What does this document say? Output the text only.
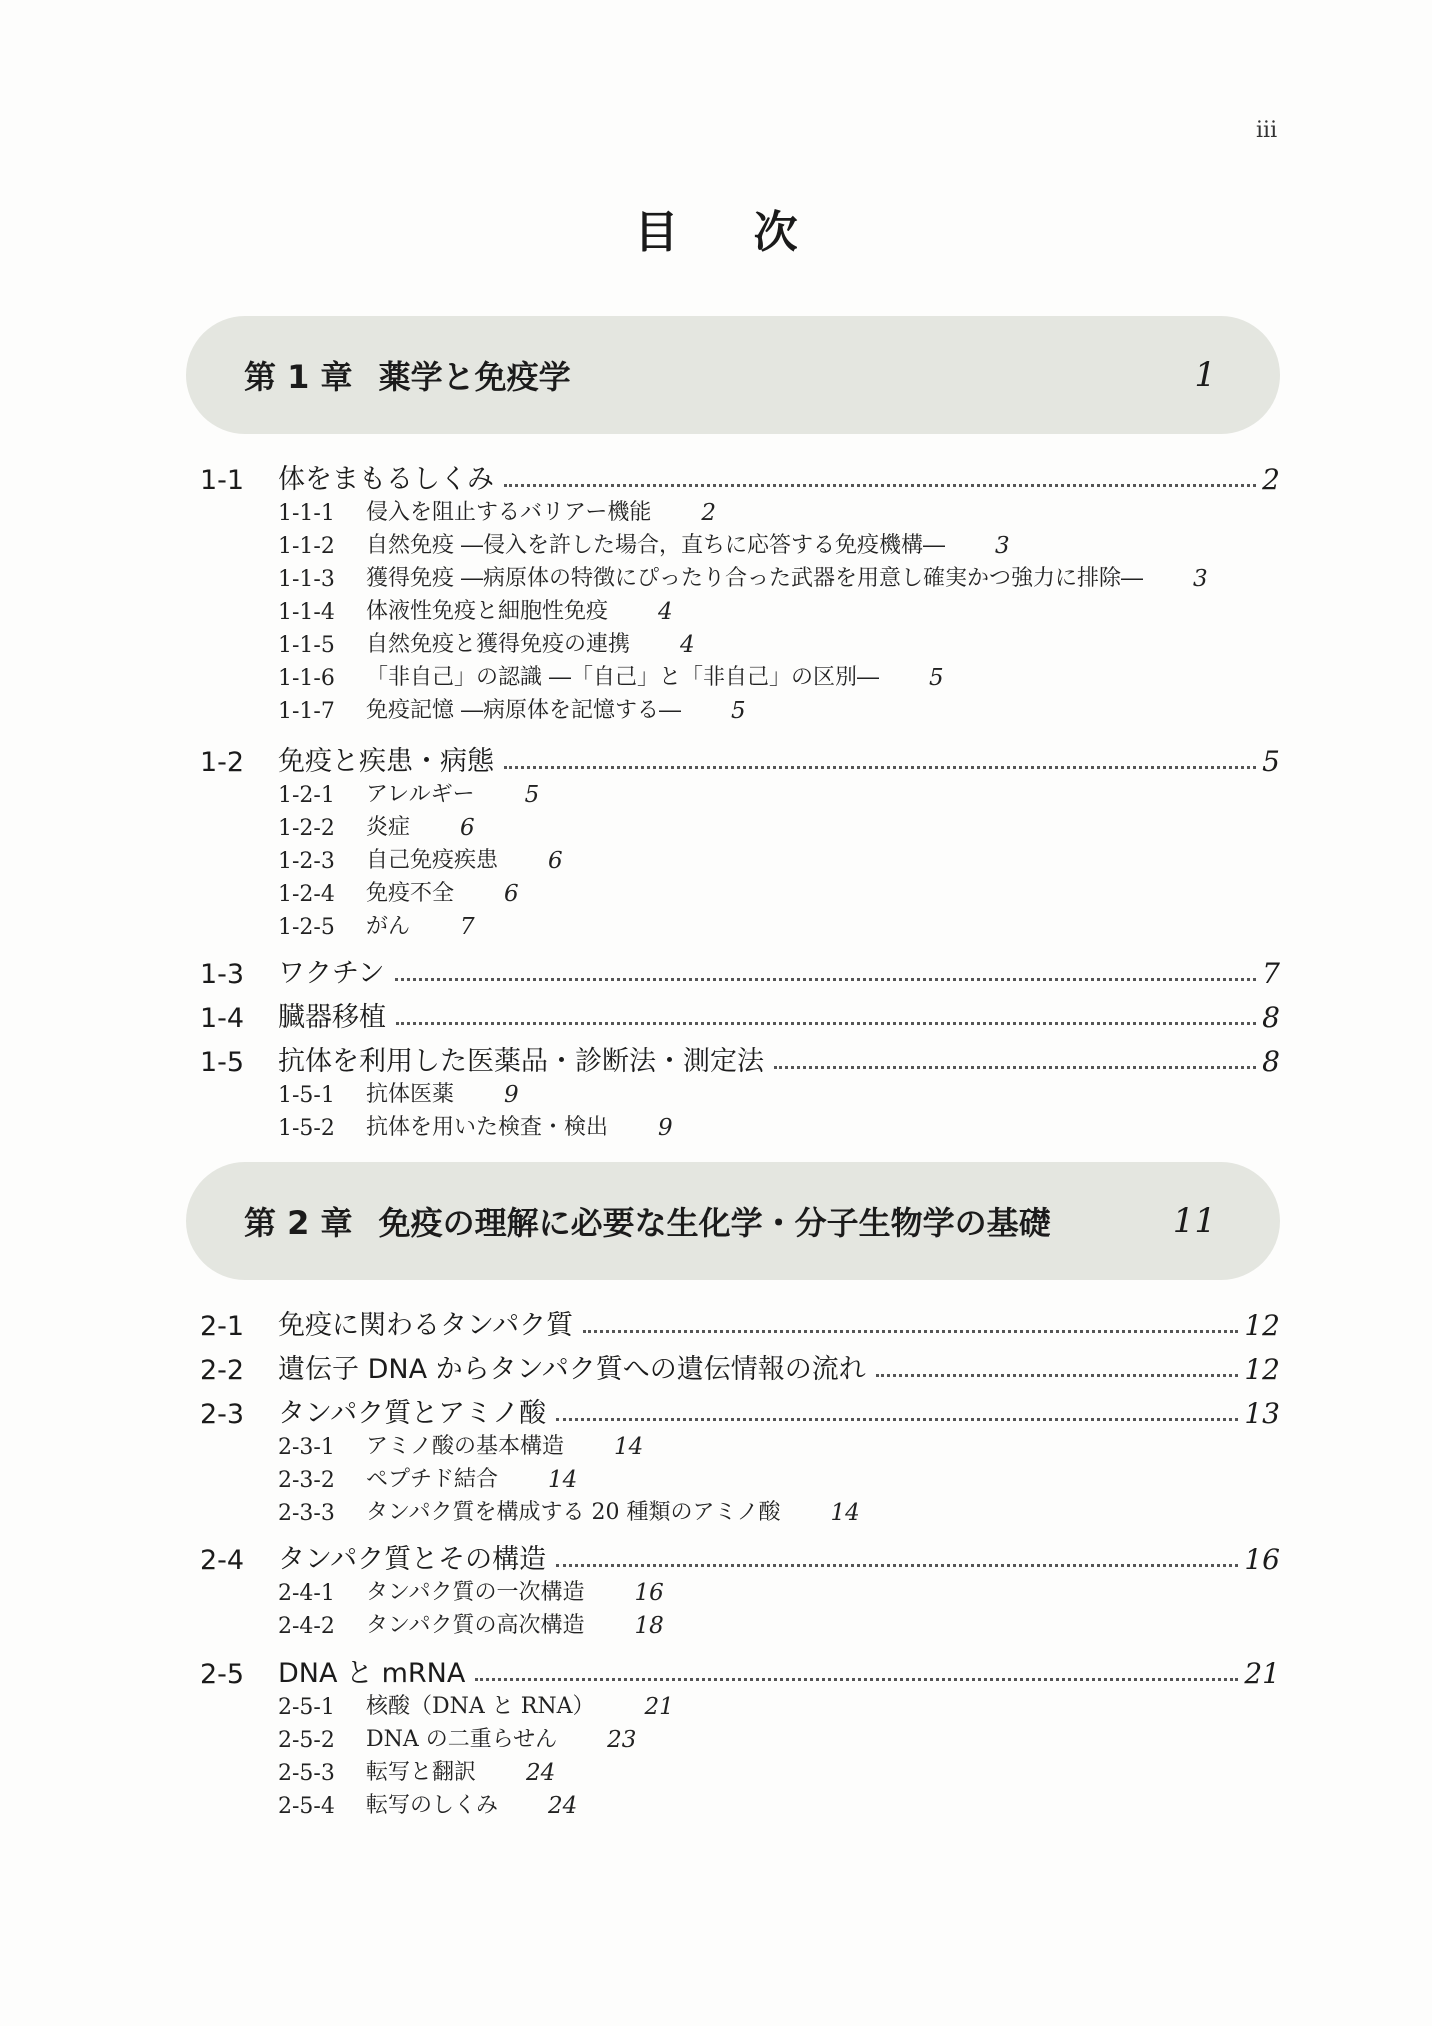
iii
目 次
第 1 章 薬学と免疫学	1
1-1	体をまもるしくみ	2
1-1-1	侵入を阻止するバリアー機能 2
1-1-2	自然免疫 ―侵入を許した場合，直ちに応答する免疫機構― 3
1-1-3	獲得免疫 ―病原体の特徴にぴったり合った武器を用意し確実かつ強力に排除― 3
1-1-4	体液性免疫と細胞性免疫 4
1-1-5	自然免疫と獲得免疫の連携 4
1-1-6	「非自己」の認識 ―「自己」と「非自己」の区別― 5
1-1-7	免疫記憶 ―病原体を記憶する― 5
1-2	免疫と疾患・病態	5
1-2-1	アレルギー 5
1-2-2	炎症 6
1-2-3	自己免疫疾患 6
1-2-4	免疫不全 6
1-2-5	がん 7
1-3	ワクチン	7
1-4	臓器移植	8
1-5	抗体を利用した医薬品・診断法・測定法	8
1-5-1	抗体医薬 9
1-5-2	抗体を用いた検査・検出 9
第 2 章 免疫の理解に必要な生化学・分子生物学の基礎	11
2-1	免疫に関わるタンパク質	12
2-2	遺伝子 DNA からタンパク質への遺伝情報の流れ	12
2-3	タンパク質とアミノ酸	13
2-3-1	アミノ酸の基本構造 14
2-3-2	ペプチド結合 14
2-3-3	タンパク質を構成する 20 種類のアミノ酸 14
2-4	タンパク質とその構造	16
2-4-1	タンパク質の一次構造 16
2-4-2	タンパク質の高次構造 18
2-5	DNA と mRNA	21
2-5-1	核酸（DNA と RNA） 21
2-5-2	DNA の二重らせん 23
2-5-3	転写と翻訳 24
2-5-4	転写のしくみ 24
